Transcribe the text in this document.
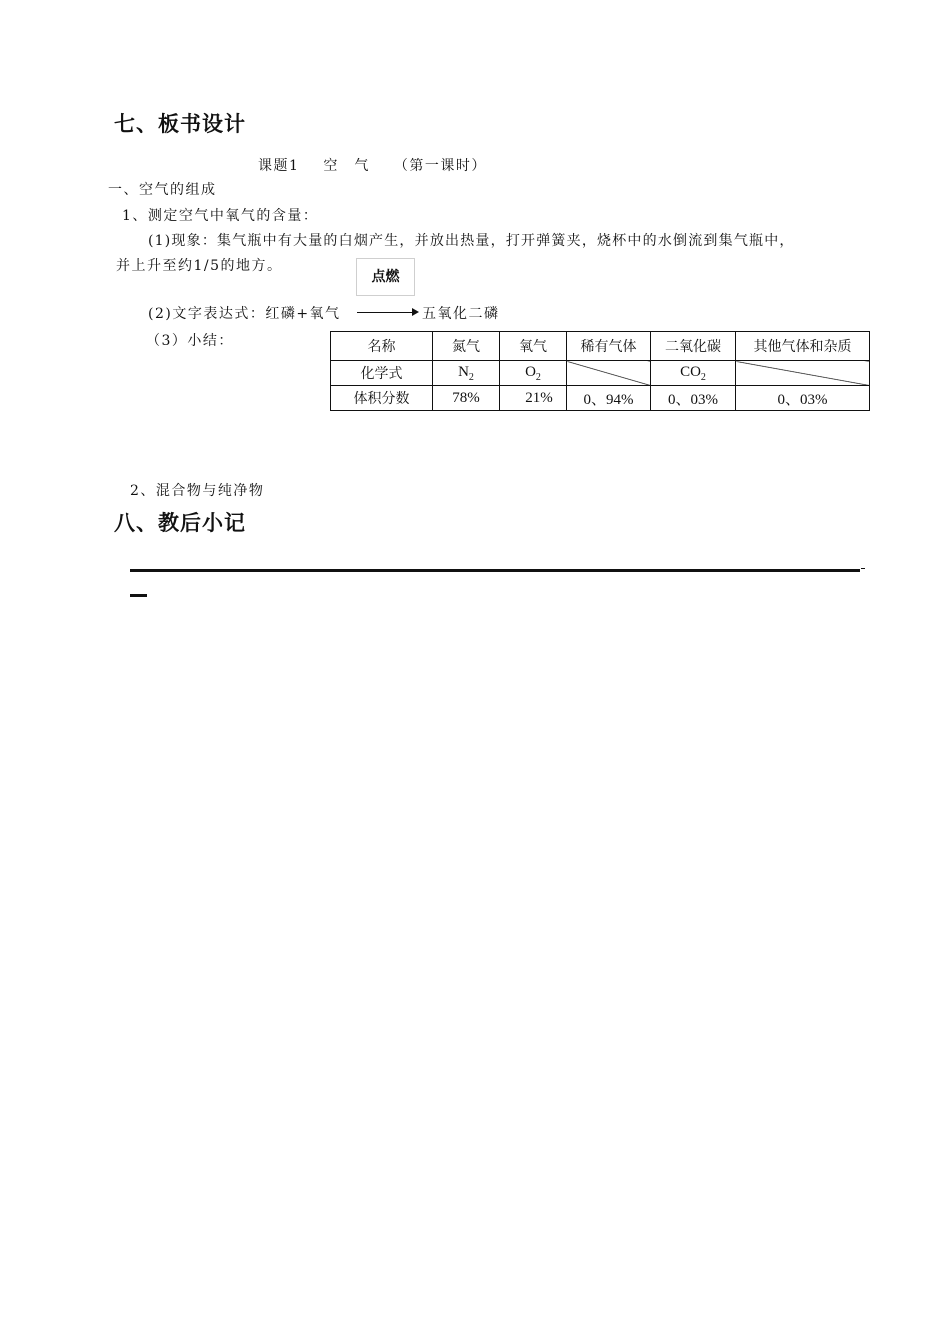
七、板书设计
课题1 空　气 （第一课时）
一、空气的组成
1、测定空气中氧气的含量：
(1)现象：集气瓶中有大量的白烟产生，并放出热量，打开弹簧夹，烧杯中的水倒流到集气瓶中，
并上升至约1/5的地方。
点燃
(2)文字表达式：红磷+氧气	五氧化二磷
（3）小结：	名称	氮气	氧气	稀有气体	二氧化碳	其他气体和杂质
化学式	$N_2$	$O_2$		$CO_2$	
体积分数	78%	21%	0、94%	0、03%	0、03%
2、混合物与纯净物
八、教后小记
